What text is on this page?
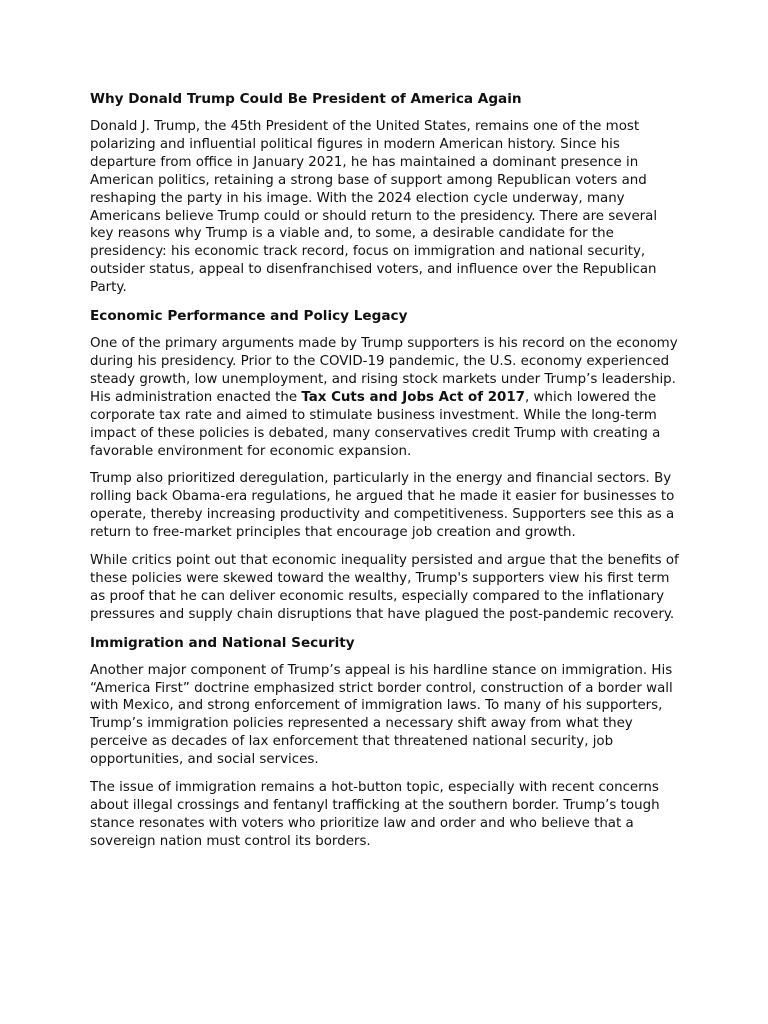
Why Donald Trump Could Be President of America Again

Donald J. Trump, the 45th President of the United States, remains one of the most polarizing and influential political figures in modern American history. Since his departure from office in January 2021, he has maintained a dominant presence in American politics, retaining a strong base of support among Republican voters and reshaping the party in his image. With the 2024 election cycle underway, many Americans believe Trump could or should return to the presidency. There are several key reasons why Trump is a viable and, to some, a desirable candidate for the presidency: his economic track record, focus on immigration and national security, outsider status, appeal to disenfranchised voters, and influence over the Republican Party.

Economic Performance and Policy Legacy

One of the primary arguments made by Trump supporters is his record on the economy during his presidency. Prior to the COVID-19 pandemic, the U.S. economy experienced steady growth, low unemployment, and rising stock markets under Trump’s leadership. His administration enacted the Tax Cuts and Jobs Act of 2017, which lowered the corporate tax rate and aimed to stimulate business investment. While the long-term impact of these policies is debated, many conservatives credit Trump with creating a favorable environment for economic expansion.

Trump also prioritized deregulation, particularly in the energy and financial sectors. By rolling back Obama-era regulations, he argued that he made it easier for businesses to operate, thereby increasing productivity and competitiveness. Supporters see this as a return to free-market principles that encourage job creation and growth.

While critics point out that economic inequality persisted and argue that the benefits of these policies were skewed toward the wealthy, Trump's supporters view his first term as proof that he can deliver economic results, especially compared to the inflationary pressures and supply chain disruptions that have plagued the post-pandemic recovery.

Immigration and National Security

Another major component of Trump’s appeal is his hardline stance on immigration. His “America First” doctrine emphasized strict border control, construction of a border wall with Mexico, and strong enforcement of immigration laws. To many of his supporters, Trump’s immigration policies represented a necessary shift away from what they perceive as decades of lax enforcement that threatened national security, job opportunities, and social services.

The issue of immigration remains a hot-button topic, especially with recent concerns about illegal crossings and fentanyl trafficking at the southern border. Trump’s tough stance resonates with voters who prioritize law and order and who believe that a sovereign nation must control its borders.
